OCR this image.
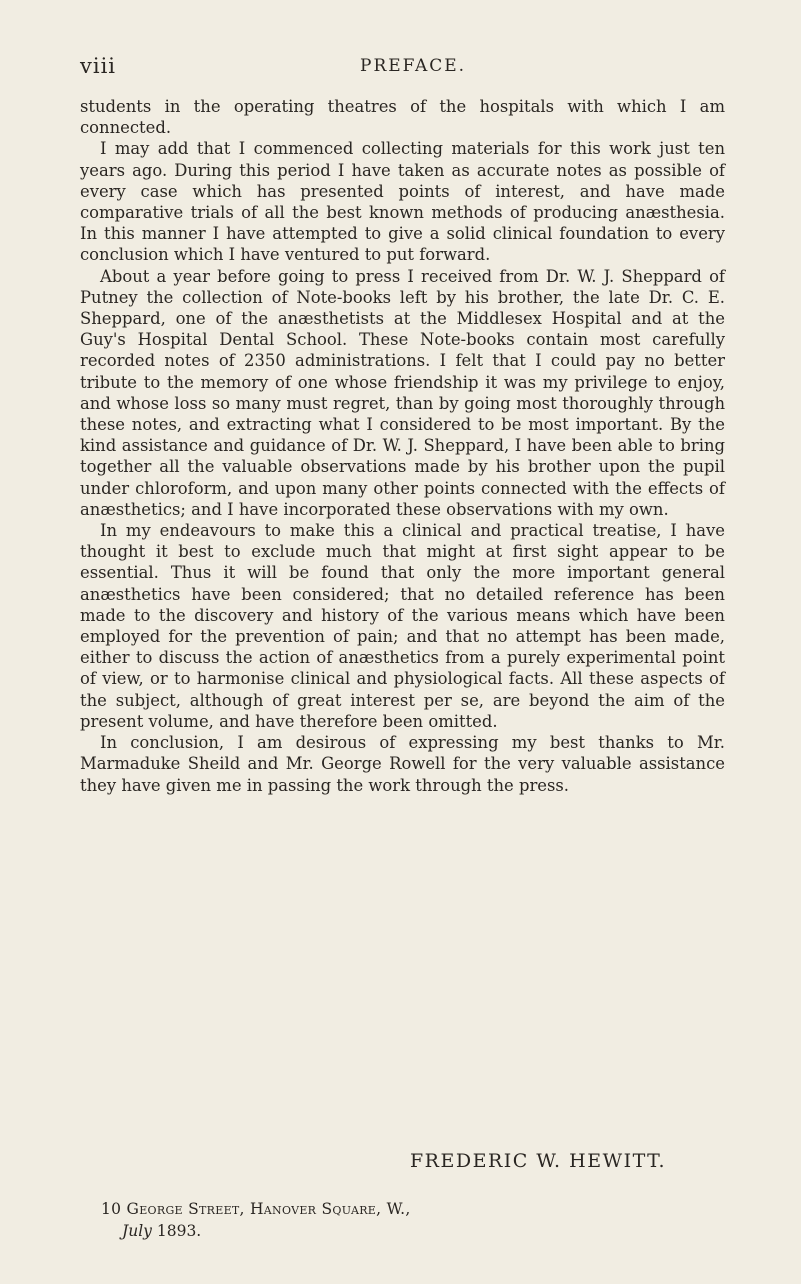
viii	PREFACE.

students in the operating theatres of the hospitals with which I am connected.

I may add that I commenced collecting materials for this work just ten years ago. During this period I have taken as accurate notes as possible of every case which has presented points of interest, and have made comparative trials of all the best known methods of producing anæsthesia. In this manner I have attempted to give a solid clinical foundation to every conclusion which I have ventured to put forward.

About a year before going to press I received from Dr. W. J. Sheppard of Putney the collection of Note-books left by his brother, the late Dr. C. E. Sheppard, one of the anæsthetists at the Middlesex Hospital and at the Guy's Hospital Dental School. These Note-books contain most carefully recorded notes of 2350 administrations. I felt that I could pay no better tribute to the memory of one whose friendship it was my privilege to enjoy, and whose loss so many must regret, than by going most thoroughly through these notes, and extracting what I considered to be most important. By the kind assistance and guidance of Dr. W. J. Sheppard, I have been able to bring together all the valuable observations made by his brother upon the pupil under chloroform, and upon many other points connected with the effects of anæsthetics; and I have incorporated these observations with my own.

In my endeavours to make this a clinical and practical treatise, I have thought it best to exclude much that might at first sight appear to be essential. Thus it will be found that only the more important general anæsthetics have been considered; that no detailed reference has been made to the discovery and history of the various means which have been employed for the prevention of pain; and that no attempt has been made, either to discuss the action of anæsthetics from a purely experimental point of view, or to harmonise clinical and physiological facts. All these aspects of the subject, although of great interest per se, are beyond the aim of the present volume, and have therefore been omitted.

In conclusion, I am desirous of expressing my best thanks to Mr. Marmaduke Sheild and Mr. George Rowell for the very valuable assistance they have given me in passing the work through the press.

FREDERIC W. HEWITT.
10 George Street, Hanover Square, W.,
July 1893.
